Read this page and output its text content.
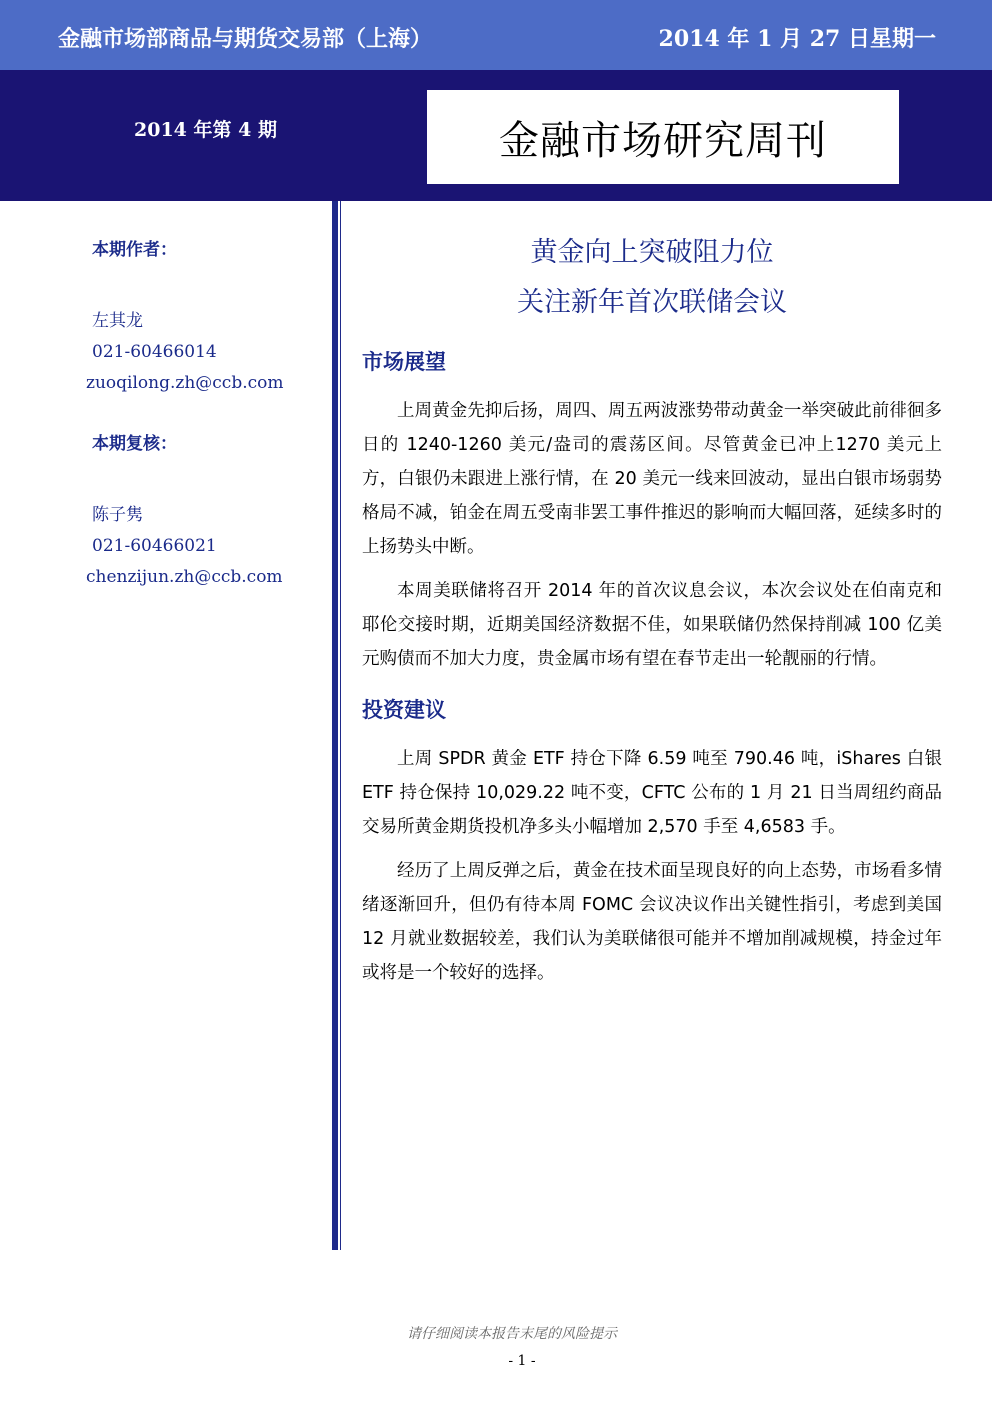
金融市场部商品与期货交易部（上海）	2014 年 1 月 27 日星期一
2014 年第 4 期	金融市场研究周刊
本期作者：
左其龙
021-60466014
zuoqilong.zh@ccb.com
本期复核：
陈子隽
021-60466021
chenzijun.zh@ccb.com
黄金向上突破阻力位
关注新年首次联储会议
市场展望

上周黄金先抑后扬，周四、周五两波涨势带动黄金一举突破此前徘徊多日的 1240-1260 美元/盎司的震荡区间。尽管黄金已冲上1270 美元上方，白银仍未跟进上涨行情，在 20 美元一线来回波动，显出白银市场弱势格局不减，铂金在周五受南非罢工事件推迟的影响而大幅回落，延续多时的上扬势头中断。

本周美联储将召开 2014 年的首次议息会议，本次会议处在伯南克和耶伦交接时期，近期美国经济数据不佳，如果联储仍然保持削减 100 亿美元购债而不加大力度，贵金属市场有望在春节走出一轮靓丽的行情。

投资建议

上周 SPDR 黄金 ETF 持仓下降 6.59 吨至 790.46 吨，iShares 白银 ETF 持仓保持 10,029.22 吨不变，CFTC 公布的 1 月 21 日当周纽约商品交易所黄金期货投机净多头小幅增加 2,570 手至 4,6583 手。

经历了上周反弹之后，黄金在技术面呈现良好的向上态势，市场看多情绪逐渐回升，但仍有待本周 FOMC 会议决议作出关键性指引，考虑到美国 12 月就业数据较差，我们认为美联储很可能并不增加削减规模，持金过年或将是一个较好的选择。

请仔细阅读本报告末尾的风险提示
- 1 -
